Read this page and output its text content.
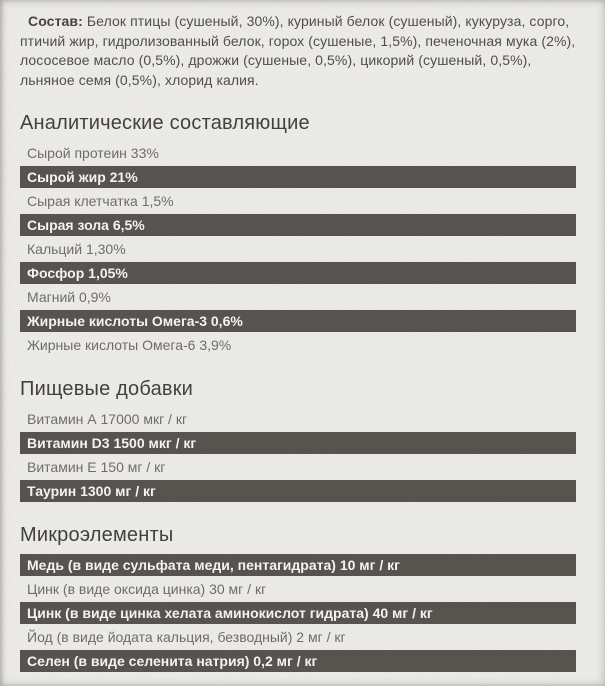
Состав: Белок птицы (сушеный, 30%), куриный белок (сушеный), кукуруза, сорго, птичий жир, гидролизованный белок, горох (сушеные, 1,5%), печеночная мука (2%), лососевое масло (0,5%), дрожжи (сушеные, 0,5%), цикорий (сушеный, 0,5%), льняное семя (0,5%), хлорид калия.

Аналитические составляющие
Сырой протеин 33%
Сырой жир 21%
Сырая клетчатка 1,5%
Сырая зола 6,5%
Кальций 1,30%
Фосфор 1,05%
Магний 0,9%
Жирные кислоты Омега-3 0,6%
Жирные кислоты Омега-6 3,9%
Пищевые добавки
Витамин А 17000 мкг / кг
Витамин D3 1500 мкг / кг
Витамин Е 150 мг / кг
Таурин 1300 мг / кг
Микроэлементы
Медь (в виде сульфата меди, пентагидрата) 10 мг / кг
Цинк (в виде оксида цинка) 30 мг / кг
Цинк (в виде цинка хелата аминокислот гидрата) 40 мг / кг
Йод (в виде йодата кальция, безводный) 2 мг / кг
Селен (в виде селенита натрия) 0,2 мг / кг
